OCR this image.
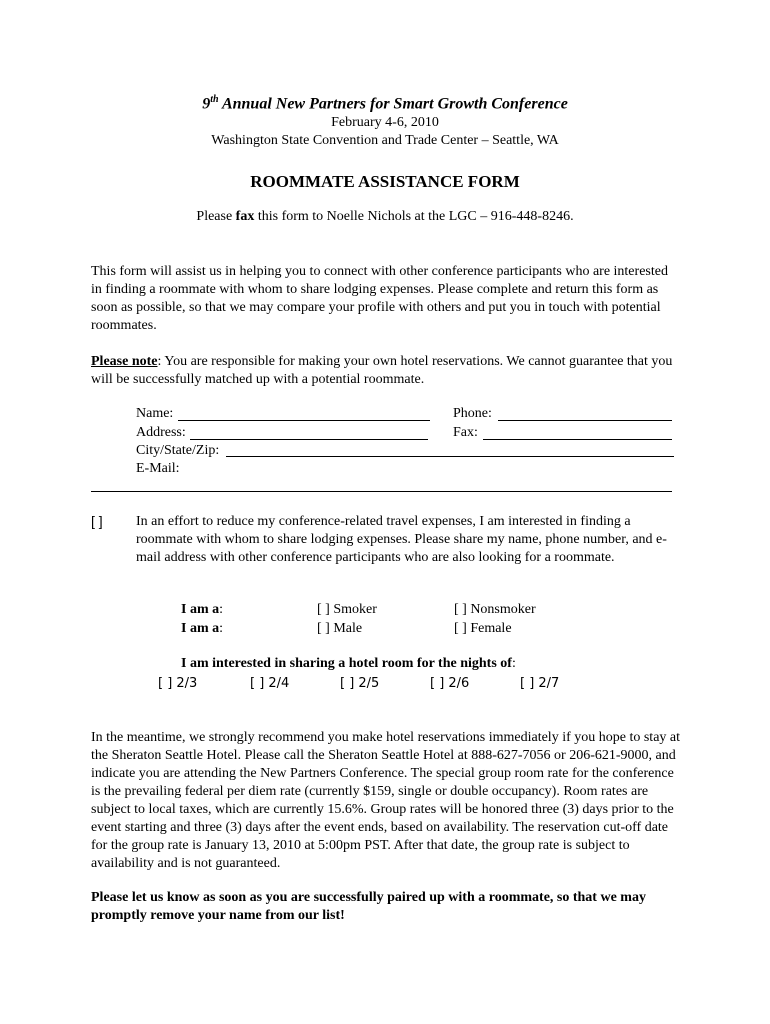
9th Annual New Partners for Smart Growth Conference
February 4-6, 2010
Washington State Convention and Trade Center – Seattle, WA
ROOMMATE ASSISTANCE FORM
Please fax this form to Noelle Nichols at the LGC – 916-448-8246.
This form will assist us in helping you to connect with other conference participants who are interested in finding a roommate with whom to share lodging expenses. Please complete and return this form as soon as possible, so that we may compare your profile with others and put you in touch with potential roommates.
Please note: You are responsible for making your own hotel reservations. We cannot guarantee that you will be successfully matched up with a potential roommate.
Name:	Phone:
Address:	Fax:
City/State/Zip:
E-Mail:
[ ] In an effort to reduce my conference-related travel expenses, I am interested in finding a roommate with whom to share lodging expenses. Please share my name, phone number, and e-mail address with other conference participants who are also looking for a roommate.
I am a:	[ ] Smoker	[ ] Nonsmoker
I am a:	[ ] Male	[ ] Female
I am interested in sharing a hotel room for the nights of:
[ ] 2/3	[ ] 2/4	[ ] 2/5	[ ] 2/6	[ ] 2/7
In the meantime, we strongly recommend you make hotel reservations immediately if you hope to stay at the Sheraton Seattle Hotel. Please call the Sheraton Seattle Hotel at 888-627-7056 or 206-621-9000, and indicate you are attending the New Partners Conference. The special group room rate for the conference is the prevailing federal per diem rate (currently $159, single or double occupancy). Room rates are subject to local taxes, which are currently 15.6%. Group rates will be honored three (3) days prior to the event starting and three (3) days after the event ends, based on availability. The reservation cut-off date for the group rate is January 13, 2010 at 5:00pm PST. After that date, the group rate is subject to availability and is not guaranteed.
Please let us know as soon as you are successfully paired up with a roommate, so that we may promptly remove your name from our list!
